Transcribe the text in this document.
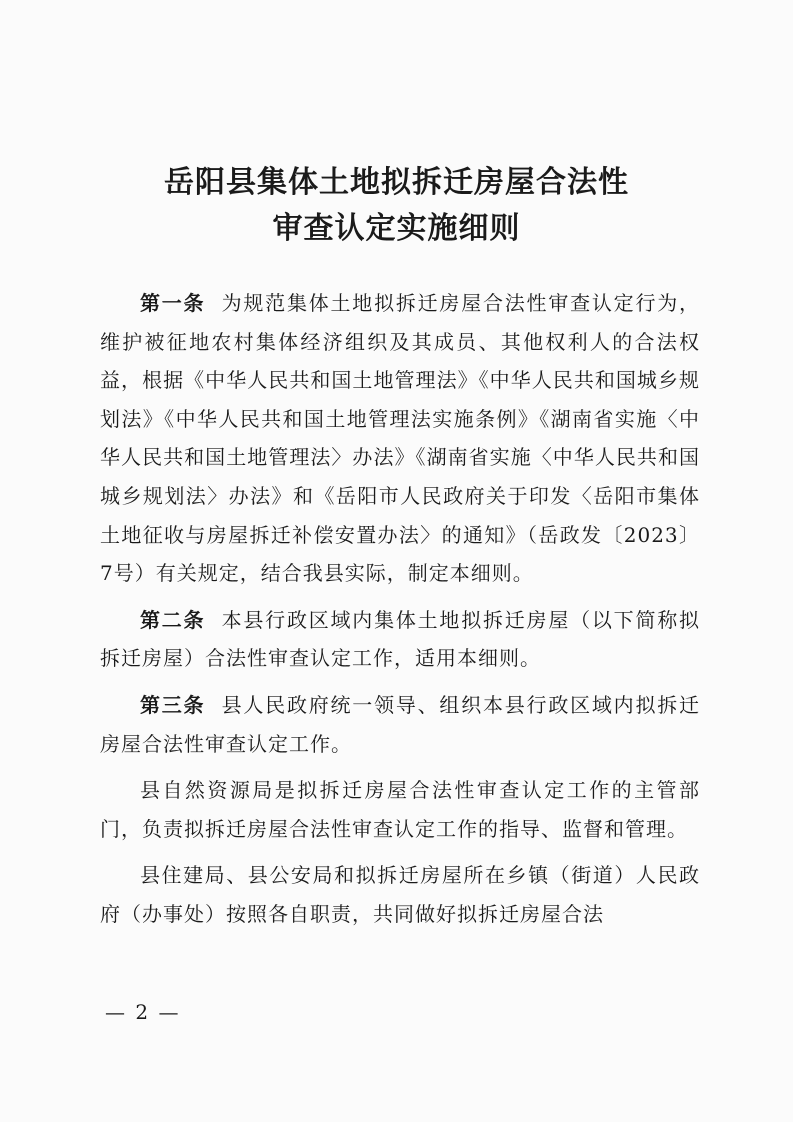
岳阳县集体土地拟拆迁房屋合法性
审查认定实施细则

第一条 为规范集体土地拟拆迁房屋合法性审查认定行为，维护被征地农村集体经济组织及其成员、其他权利人的合法权益，根据《中华人民共和国土地管理法》《中华人民共和国城乡规划法》《中华人民共和国土地管理法实施条例》《湖南省实施〈中华人民共和国土地管理法〉办法》《湖南省实施〈中华人民共和国城乡规划法〉办法》和《岳阳市人民政府关于印发〈岳阳市集体土地征收与房屋拆迁补偿安置办法〉的通知》（岳政发〔2023〕7号）有关规定，结合我县实际，制定本细则。

第二条 本县行政区域内集体土地拟拆迁房屋（以下简称拟拆迁房屋）合法性审查认定工作，适用本细则。

第三条 县人民政府统一领导、组织本县行政区域内拟拆迁房屋合法性审查认定工作。

县自然资源局是拟拆迁房屋合法性审查认定工作的主管部门，负责拟拆迁房屋合法性审查认定工作的指导、监督和管理。

县住建局、县公安局和拟拆迁房屋所在乡镇（街道）人民政府（办事处）按照各自职责，共同做好拟拆迁房屋合法

— 2 —
